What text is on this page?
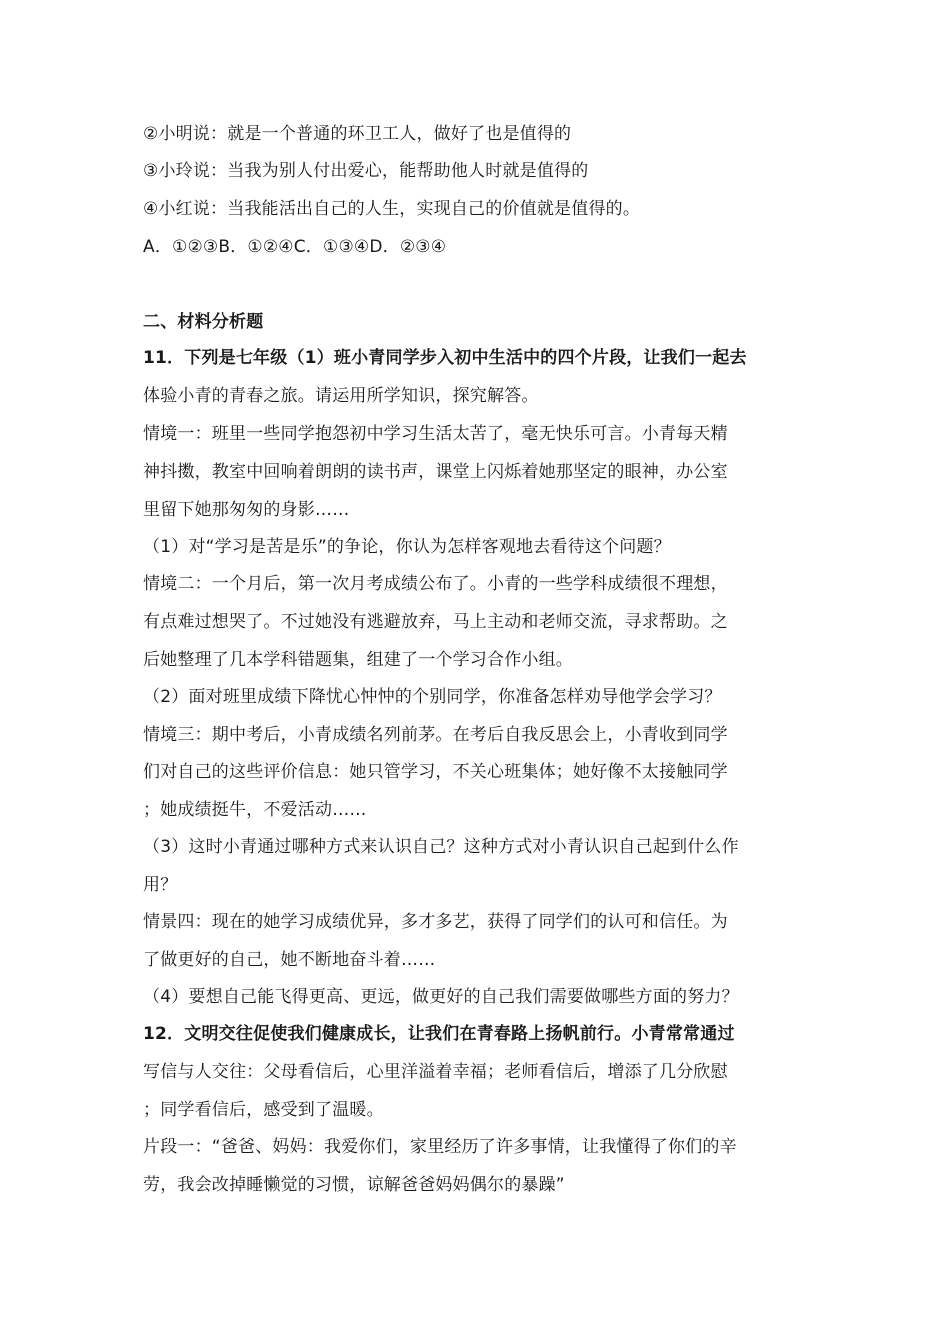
②小明说：就是一个普通的环卫工人，做好了也是值得的
③小玲说：当我为别人付出爱心，能帮助他人时就是值得的
④小红说：当我能活出自己的人生，实现自己的价值就是值得的。
A．①②③B．①②④C．①③④D．②③④
二、材料分析题
11．下列是七年级（1）班小青同学步入初中生活中的四个片段，让我们一起去
体验小青的青春之旅。请运用所学知识，探究解答。
情境一：班里一些同学抱怨初中学习生活太苦了，毫无快乐可言。小青每天精
神抖擞，教室中回响着朗朗的读书声，课堂上闪烁着她那坚定的眼神，办公室
里留下她那匆匆的身影……
（1）对“学习是苦是乐”的争论，你认为怎样客观地去看待这个问题？
情境二：一个月后，第一次月考成绩公布了。小青的一些学科成绩很不理想，
有点难过想哭了。不过她没有逃避放弃，马上主动和老师交流，寻求帮助。之
后她整理了几本学科错题集，组建了一个学习合作小组。
（2）面对班里成绩下降忧心忡忡的个别同学，你准备怎样劝导他学会学习？
情境三：期中考后，小青成绩名列前茅。在考后自我反思会上，小青收到同学
们对自己的这些评价信息：她只管学习，不关心班集体；她好像不太接触同学
；她成绩挺牛，不爱活动……
（3）这时小青通过哪种方式来认识自己？这种方式对小青认识自己起到什么作
用？
情景四：现在的她学习成绩优异，多才多艺，获得了同学们的认可和信任。为
了做更好的自己，她不断地奋斗着……
（4）要想自己能飞得更高、更远，做更好的自己我们需要做哪些方面的努力？
12．文明交往促使我们健康成长，让我们在青春路上扬帆前行。小青常常通过
写信与人交往：父母看信后，心里洋溢着幸福；老师看信后，增添了几分欣慰
；同学看信后，感受到了温暖。
片段一：“爸爸、妈妈：我爱你们，家里经历了许多事情，让我懂得了你们的辛
劳，我会改掉睡懒觉的习惯，谅解爸爸妈妈偶尔的暴躁”
